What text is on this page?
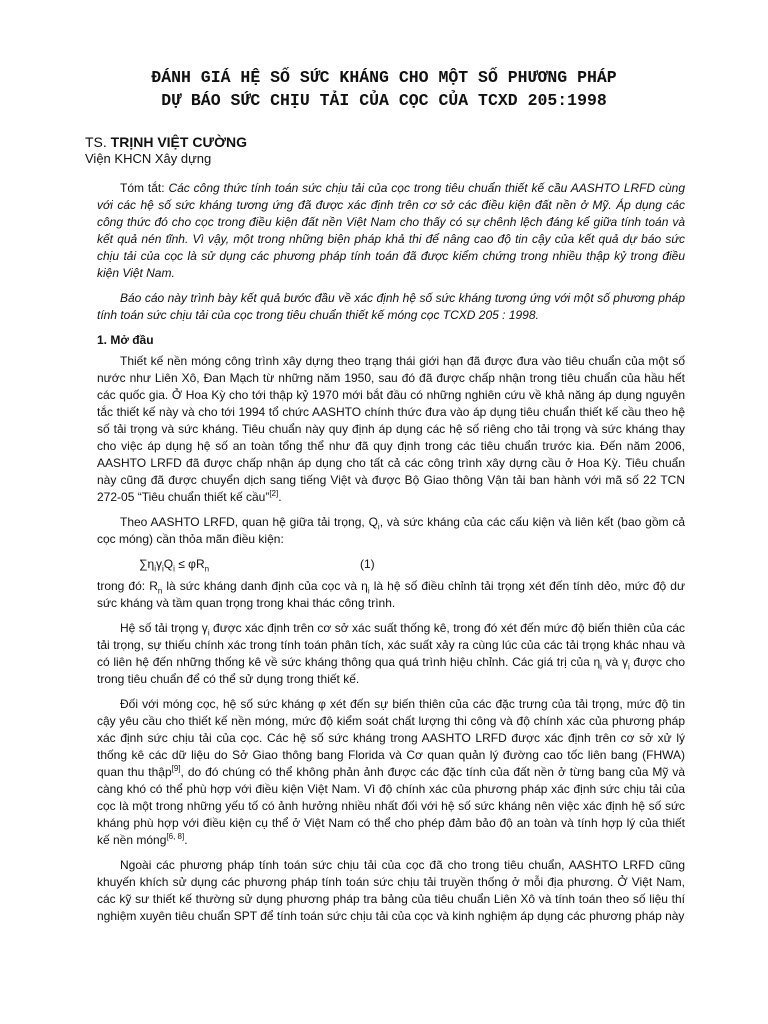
ĐÁNH GIÁ HỆ SỐ SỨC KHÁNG CHO MỘT SỐ PHƯƠNG PHÁP
DỰ BÁO SỨC CHỊU TẢI CỦA CỌC CỦA TCXD 205:1998
TS. TRỊNH VIỆT CƯỜNG
Viện KHCN Xây dựng

Tóm tắt: Các công thức tính toán sức chịu tải của cọc trong tiêu chuẩn thiết kế cầu AASHTO LRFD cùng với các hệ số sức kháng tương ứng đã được xác định trên cơ sở các điều kiện đất nền ở Mỹ. Áp dụng các công thức đó cho cọc trong điều kiện đất nền Việt Nam cho thấy có sự chênh lệch đáng kể giữa tính toán và kết quả nén tĩnh. Vì vậy, một trong những biện pháp khả thi để nâng cao độ tin cậy của kết quả dự báo sức chịu tải của cọc là sử dụng các phương pháp tính toán đã được kiểm chứng trong nhiều thập kỷ trong điều kiện Việt Nam.

Báo cáo này trình bày kết quả bước đầu về xác định hệ số sức kháng tương ứng với một số phương pháp tính toán sức chịu tải của cọc trong tiêu chuẩn thiết kế móng cọc TCXD 205 : 1998.

1. Mở đầu

Thiết kế nền móng công trình xây dựng theo trạng thái giới hạn đã được đưa vào tiêu chuẩn của một số nước như Liên Xô, Đan Mạch từ những năm 1950, sau đó đã được chấp nhận trong tiêu chuẩn của hầu hết các quốc gia. Ở Hoa Kỳ cho tới thập kỷ 1970 mới bắt đầu có những nghiên cứu về khả năng áp dụng nguyên tắc thiết kế này và cho tới 1994 tổ chức AASHTO chính thức đưa vào áp dụng tiêu chuẩn thiết kế cầu theo hệ số tải trọng và sức kháng. Tiêu chuẩn này quy định áp dụng các hệ số riêng cho tải trọng và sức kháng thay cho việc áp dụng hệ số an toàn tổng thể như đã quy định trong các tiêu chuẩn trước kia. Đến năm 2006, AASHTO LRFD đã được chấp nhận áp dụng cho tất cả các công trình xây dựng cầu ở Hoa Kỳ. Tiêu chuẩn này cũng đã được chuyển dịch sang tiếng Việt và được Bộ Giao thông Vận tải ban hành với mã số 22 TCN 272-05 “Tiêu chuẩn thiết kế cầu”[2].

Theo AASHTO LRFD, quan hệ giữa tải trọng, $Q_i$, và sức kháng của các cấu kiện và liên kết (bao gồm cả cọc móng) cần thỏa mãn điều kiện:

$\sum\eta_i\gamma_iQ_i \le \varphi R_n$	(1)

trong đó: $R_n$ là sức kháng danh định của cọc và $\eta_i$ là hệ số điều chỉnh tải trọng xét đến tính dẻo, mức độ dư sức kháng và tầm quan trọng trong khai thác công trình.

Hệ số tải trọng $\gamma_i$ được xác định trên cơ sở xác suất thống kê, trong đó xét đến mức độ biến thiên của các tải trọng, sự thiếu chính xác trong tính toán phân tích, xác suất xảy ra cùng lúc của các tải trọng khác nhau và có liên hệ đến những thống kê về sức kháng thông qua quá trình hiệu chỉnh. Các giá trị của $\eta_i$ và $\gamma_i$ được cho trong tiêu chuẩn để có thể sử dụng trong thiết kế.

Đối với móng cọc, hệ số sức kháng φ xét đến sự biến thiên của các đặc trưng của tải trọng, mức độ tin cậy yêu cầu cho thiết kế nền móng, mức độ kiểm soát chất lượng thi công và độ chính xác của phương pháp xác định sức chịu tải của cọc. Các hệ số sức kháng trong AASHTO LRFD được xác định trên cơ sở xử lý thống kê các dữ liệu do Sở Giao thông bang Florida và Cơ quan quản lý đường cao tốc liên bang (FHWA) quan thu thập[9], do đó chúng có thể không phản ảnh được các đặc tính của đất nền ở từng bang của Mỹ và càng khó có thể phù hợp với điều kiện Việt Nam. Vì độ chính xác của phương pháp xác định sức chịu tải của cọc là một trong những yếu tố có ảnh hưởng nhiều nhất đối với hệ số sức kháng nên việc xác định hệ số sức kháng phù hợp với điều kiện cụ thể ở Việt Nam có thể cho phép đảm bảo độ an toàn và tính hợp lý của thiết kế nền móng[6, 8].

Ngoài các phương pháp tính toán sức chịu tải của cọc đã cho trong tiêu chuẩn, AASHTO LRFD cũng khuyến khích sử dụng các phương pháp tính toán sức chịu tải truyền thống ở mỗi địa phương. Ở Việt Nam, các kỹ sư thiết kế thường sử dụng phương pháp tra bảng của tiêu chuẩn Liên Xô và tính toán theo số liệu thí nghiệm xuyên tiêu chuẩn SPT để tính toán sức chịu tải của cọc và kinh nghiệm áp dụng các phương pháp này
